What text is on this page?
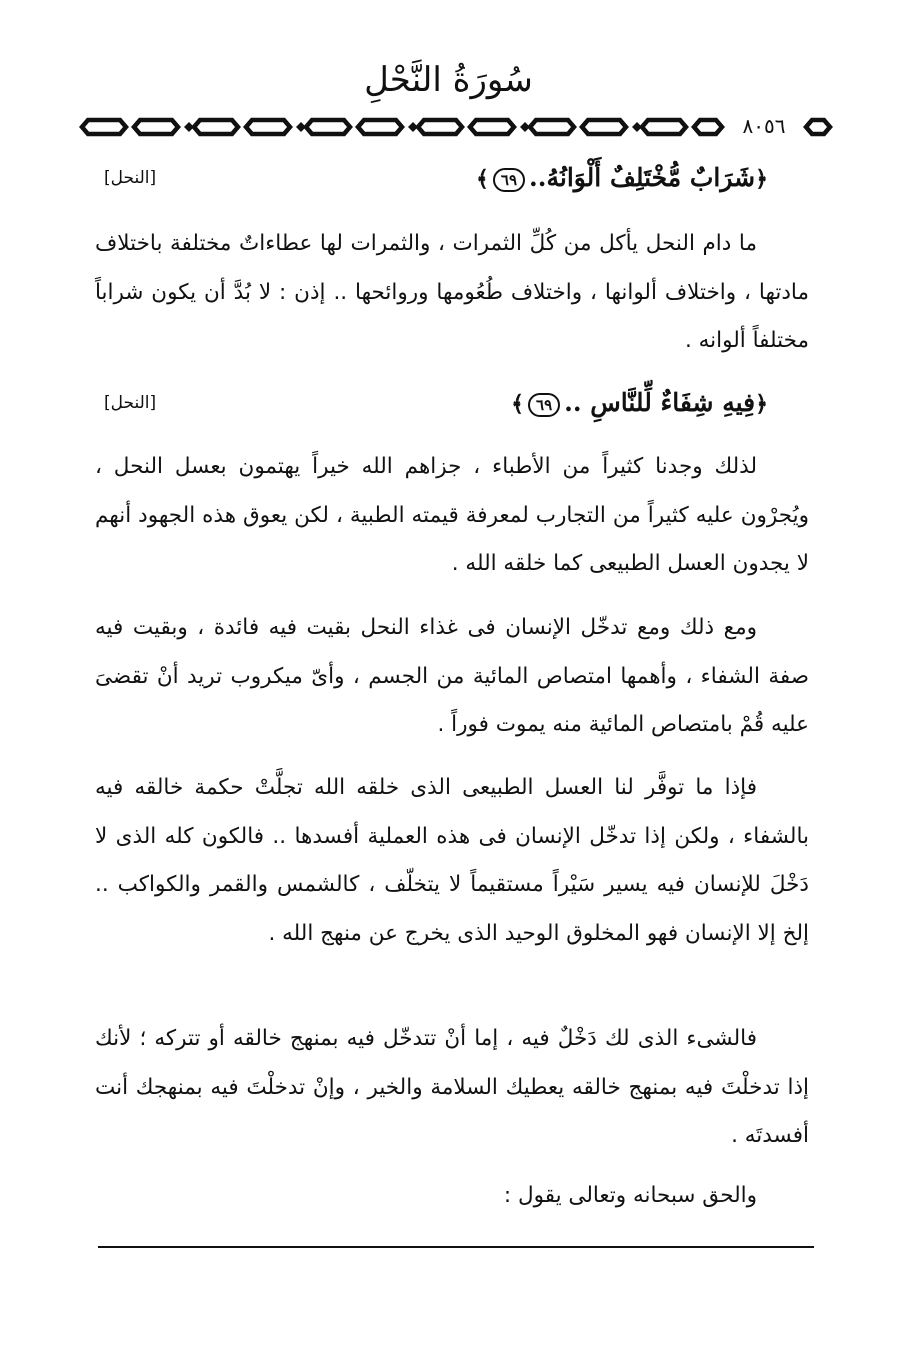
سُورَةُ النَّحْلِ
٨٠٥٦
﴿شَرَابٌ مُّخْتَلِفٌ أَلْوَانُهُ..٦٩﴾
[النحل]

ما دام النحل يأكل من كُلِّ الثمرات ، والثمرات لها عطاءاتٌ مختلفة باختلاف مادتها ، واختلاف ألوانها ، واختلاف طُعُومها وروائحها .. إذن : لا بُدَّ أن يكون شراباً مختلفاً ألوانه .

﴿فِيهِ شِفَاءٌ لِّلنَّاسِ ..٦٩﴾
[النحل]

لذلك وجدنا كثيراً من الأطباء ، جزاهم الله خيراً يهتمون بعسل النحل ، ويُجرْون عليه كثيراً من التجارب لمعرفة قيمته الطبية ، لكن يعوق هذه الجهود أنهم لا يجدون العسل الطبيعى كما خلقه الله .

ومع ذلك ومع تدخّل الإنسان فى غذاء النحل بقيت فيه فائدة ، وبقيت فيه صفة الشفاء ، وأهمها امتصاص المائية من الجسم ، وأىّ ميكروب تريد أنْ تقضىَ عليه قُمْ بامتصاص المائية منه يموت فوراً .

فإذا ما توفَّر لنا العسل الطبيعى الذى خلقه الله تجلَّتْ حكمة خالقه فيه بالشفاء ، ولكن إذا تدخّل الإنسان فى هذه العملية أفسدها .. فالكون كله الذى لا دَخْلَ للإنسان فيه يسير سَيْراً مستقيماً لا يتخلّف ، كالشمس والقمر والكواكب .. إلخ إلا الإنسان فهو المخلوق الوحيد الذى يخرج عن منهج الله .

فالشىء الذى لك دَخْلٌ فيه ، إما أنْ تتدخّل فيه بمنهج خالقه أو تتركه ؛ لأنك إذا تدخلْتَ فيه بمنهج خالقه يعطيك السلامة والخير ، وإنْ تدخلْتَ فيه بمنهجك أنت أفسدتَه .

والحق سبحانه وتعالى يقول :
